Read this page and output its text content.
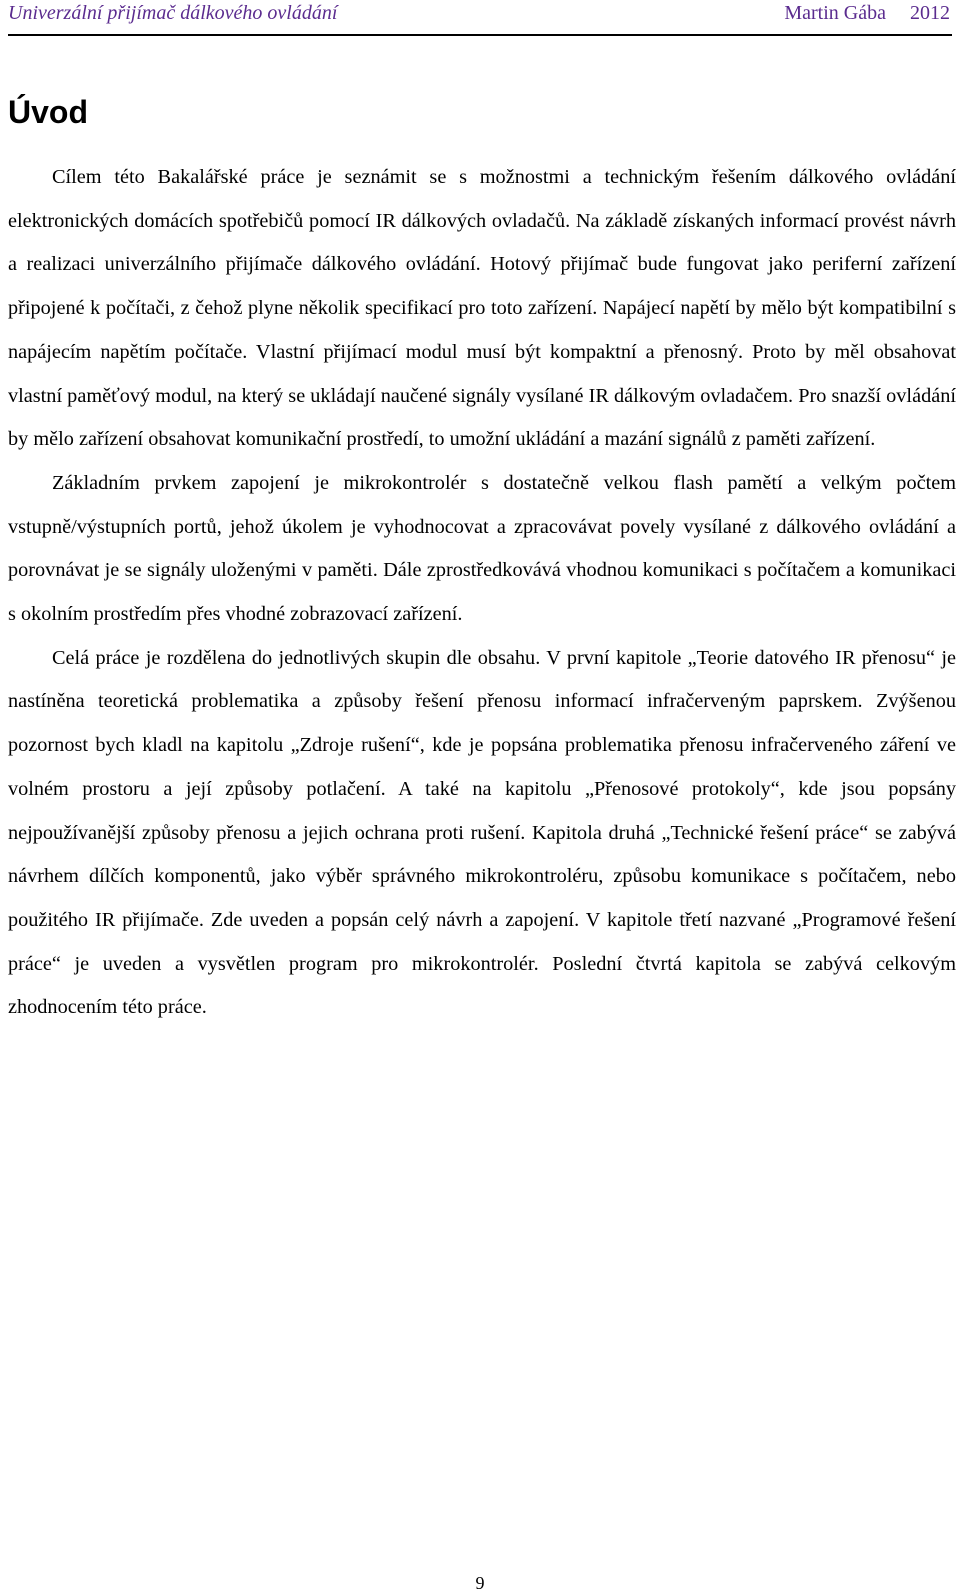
Univerzální přijímač dálkového ovládání	Martin Gába 2012
Úvod

Cílem této Bakalářské práce je seznámit se s možnostmi a technickým řešením dálkového ovládání elektronických domácích spotřebičů pomocí IR dálkových ovladačů. Na základě získaných informací provést návrh a realizaci univerzálního přijímače dálkového ovládání. Hotový přijímač bude fungovat jako periferní zařízení připojené k počítači, z čehož plyne několik specifikací pro toto zařízení. Napájecí napětí by mělo být kompatibilní s napájecím napětím počítače. Vlastní přijímací modul musí být kompaktní a přenosný. Proto by měl obsahovat vlastní paměťový modul, na který se ukládají naučené signály vysílané IR dálkovým ovladačem. Pro snazší ovládání by mělo zařízení obsahovat komunikační prostředí, to umožní ukládání a mazání signálů z paměti zařízení.

Základním prvkem zapojení je mikrokontrolér s dostatečně velkou flash pamětí a velkým počtem vstupně/výstupních portů, jehož úkolem je vyhodnocovat a zpracovávat povely vysílané z dálkového ovládání a porovnávat je se signály uloženými v paměti. Dále zprostředkovává vhodnou komunikaci s počítačem a komunikaci s okolním prostředím přes vhodné zobrazovací zařízení.

Celá práce je rozdělena do jednotlivých skupin dle obsahu. V první kapitole „Teorie datového IR přenosu“ je nastíněna teoretická problematika a způsoby řešení přenosu informací infračerveným paprskem. Zvýšenou pozornost bych kladl na kapitolu „Zdroje rušení“, kde je popsána problematika přenosu infračerveného záření ve volném prostoru a její způsoby potlačení. A také na kapitolu „Přenosové protokoly“, kde jsou popsány nejpoužívanější způsoby přenosu a jejich ochrana proti rušení. Kapitola druhá „Technické řešení práce“ se zabývá návrhem dílčích komponentů, jako výběr správného mikrokontroléru, způsobu komunikace s počítačem, nebo použitého IR přijímače. Zde uveden a popsán celý návrh a zapojení. V kapitole třetí nazvané „Programové řešení práce“ je uveden a vysvětlen program pro mikrokontrolér. Poslední čtvrtá kapitola se zabývá celkovým zhodnocením této práce.

9
